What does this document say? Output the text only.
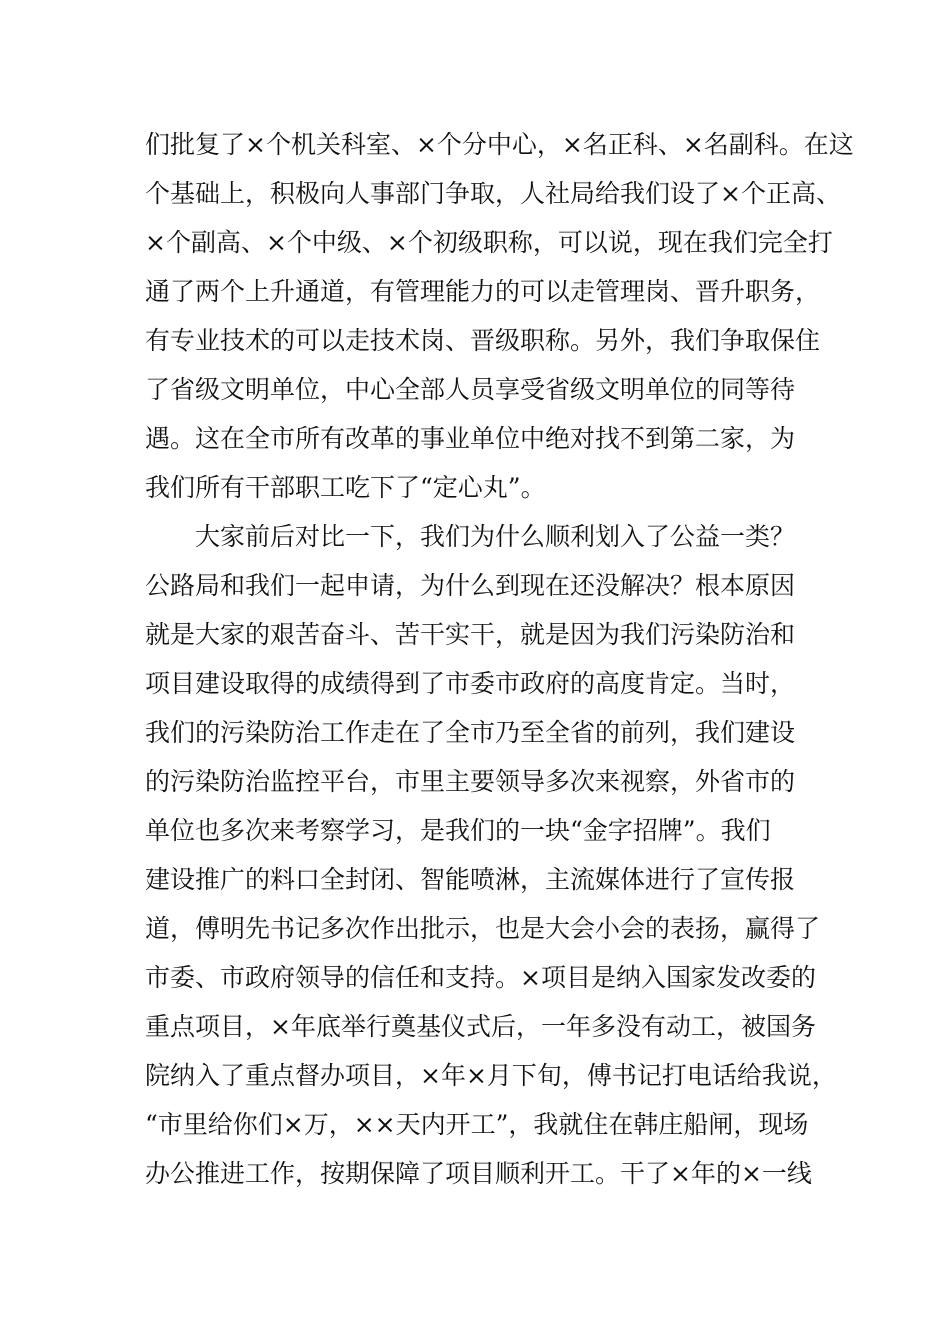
们批复了×个机关科室、×个分中心，×名正科、×名副科。在这
个基础上，积极向人事部门争取，人社局给我们设了×个正高、
×个副高、×个中级、×个初级职称，可以说，现在我们完全打
通了两个上升通道，有管理能力的可以走管理岗、晋升职务，
有专业技术的可以走技术岗、晋级职称。另外，我们争取保住
了省级文明单位，中心全部人员享受省级文明单位的同等待
遇。这在全市所有改革的事业单位中绝对找不到第二家，为
我们所有干部职工吃下了“定心丸”。
大家前后对比一下，我们为什么顺利划入了公益一类？
公路局和我们一起申请，为什么到现在还没解决？根本原因
就是大家的艰苦奋斗、苦干实干，就是因为我们污染防治和
项目建设取得的成绩得到了市委市政府的高度肯定。当时，
我们的污染防治工作走在了全市乃至全省的前列，我们建设
的污染防治监控平台，市里主要领导多次来视察，外省市的
单位也多次来考察学习，是我们的一块“金字招牌”。我们
建设推广的料口全封闭、智能喷淋，主流媒体进行了宣传报
道，傅明先书记多次作出批示，也是大会小会的表扬，赢得了
市委、市政府领导的信任和支持。×项目是纳入国家发改委的
重点项目，×年底举行奠基仪式后，一年多没有动工，被国务
院纳入了重点督办项目，×年×月下旬，傅书记打电话给我说，
“市里给你们×万，××天内开工”，我就住在韩庄船闸，现场
办公推进工作，按期保障了项目顺利开工。干了×年的×一线
